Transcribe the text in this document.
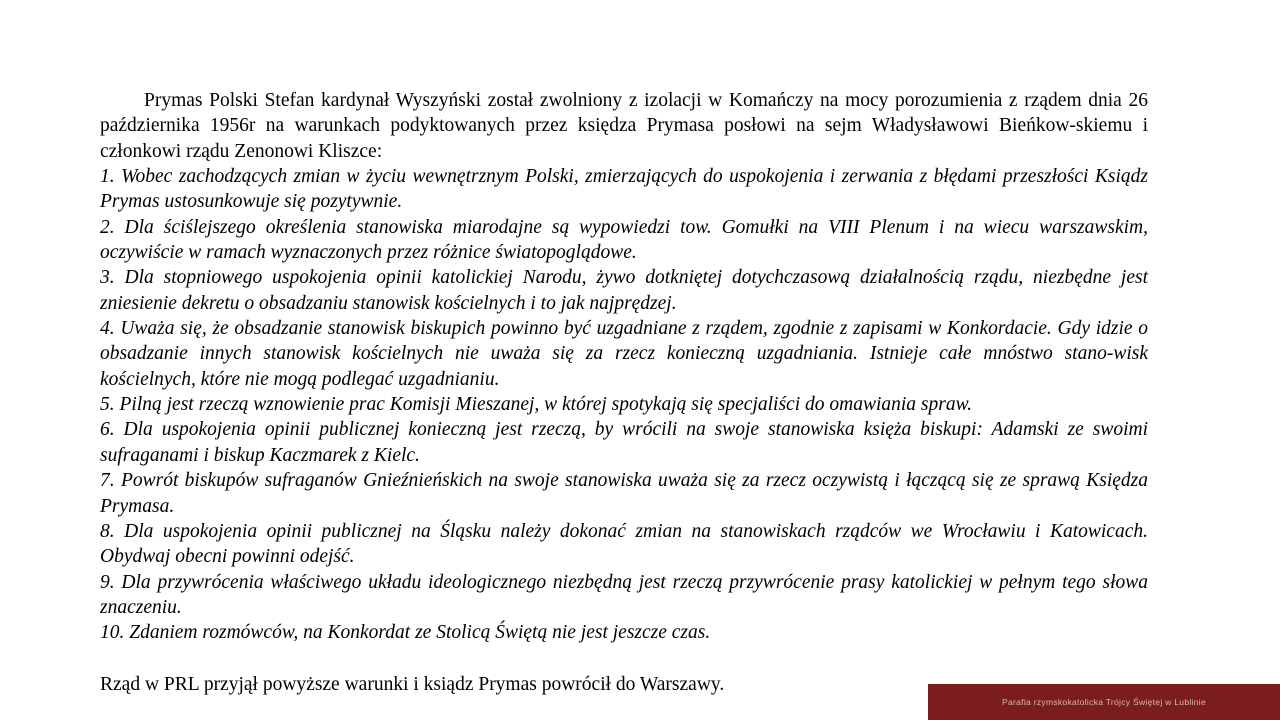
Prymas Polski Stefan kardynał Wyszyński został zwolniony z izolacji w Komańczy na mocy porozumienia z rządem dnia 26 października 1956r na warunkach podyktowanych przez księdza Prymasa posłowi na sejm Władysławowi Bieńkow-skiemu i członkowi rządu Zenonowi Kliszce:

1. Wobec zachodzących zmian w życiu wewnętrznym Polski, zmierzających do uspokojenia i zerwania z błędami przeszłości Ksiądz Prymas ustosunkowuje się pozytywnie.

2. Dla ściślejszego określenia stanowiska miarodajne są wypowiedzi tow. Gomułki na VIII Plenum i na wiecu warszawskim, oczywiście w ramach wyznaczonych przez różnice światopoglądowe.

3. Dla stopniowego uspokojenia opinii katolickiej Narodu, żywo dotkniętej dotychczasową działalnością rządu, niezbędne jest zniesienie dekretu o obsadzaniu stanowisk kościelnych i to jak najprędzej.

4. Uważa się, że obsadzanie stanowisk biskupich powinno być uzgadniane z rządem, zgodnie z zapisami w Konkordacie. Gdy idzie o obsadzanie innych stanowisk kościelnych nie uważa się za rzecz konieczną uzgadniania. Istnieje całe mnóstwo stano-wisk kościelnych, które nie mogą podlegać uzgadnianiu.

5. Pilną jest rzeczą wznowienie prac Komisji Mieszanej, w której spotykają się specjaliści do omawiania spraw.

6. Dla uspokojenia opinii publicznej konieczną jest rzeczą, by wrócili na swoje stanowiska księża biskupi: Adamski ze swoimi sufraganami i biskup Kaczmarek z Kielc.

7. Powrót biskupów sufraganów Gnieźnieńskich na swoje stanowiska uważa się za rzecz oczywistą i łączącą się ze sprawą Księdza Prymasa.

8. Dla uspokojenia opinii publicznej na Śląsku należy dokonać zmian na stanowiskach rządców we Wrocławiu i Katowicach. Obydwaj obecni powinni odejść.

9. Dla przywrócenia właściwego układu ideologicznego niezbędną jest rzeczą przywrócenie prasy katolickiej w pełnym tego słowa znaczeniu.

10. Zdaniem rozmówców, na Konkordat ze Stolicą Świętą nie jest jeszcze czas.

Rząd w PRL przyjął powyższe warunki i ksiądz Prymas powrócił do Warszawy.

Parafia rzymskokatolicka Trójcy Świętej w Lublinie
